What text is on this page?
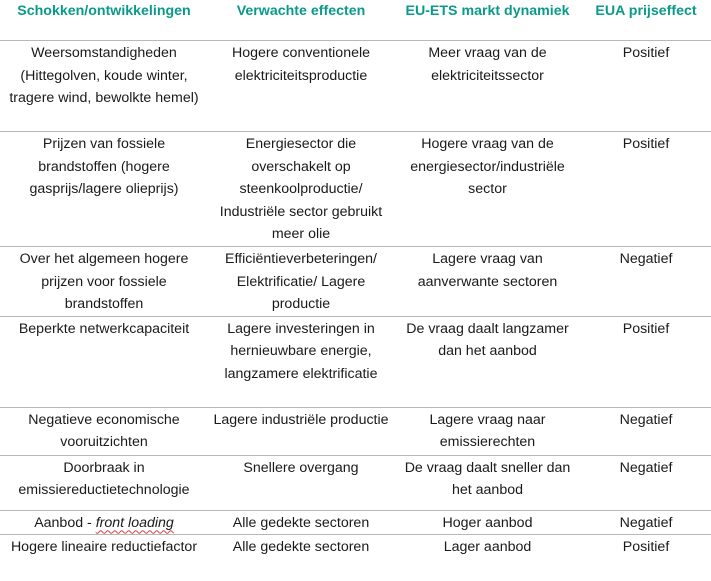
Schokken/ontwikkelingen	Verwachte effecten	EU-ETS markt dynamiek	EUA prijseffect
Weersomstandigheden (Hittegolven, koude winter, tragere wind, bewolkte hemel)	Hogere conventionele elektriciteitsproductie	Meer vraag van de elektriciteitssector	Positief
Prijzen van fossiele brandstoffen (hogere gasprijs/lagere olieprijs)	Energiesector die overschakelt op steenkoolproductie/ Industriële sector gebruikt meer olie	Hogere vraag van de energiesector/industriële sector	Positief
Over het algemeen hogere prijzen voor fossiele brandstoffen	Efficiëntieverbeteringen/ Elektrificatie/ Lagere productie	Lagere vraag van aanverwante sectoren	Negatief
Beperkte netwerkcapaciteit	Lagere investeringen in hernieuwbare energie, langzamere elektrificatie	De vraag daalt langzamer dan het aanbod	Positief
Negatieve economische vooruitzichten	Lagere industriële productie	Lagere vraag naar emissierechten	Negatief
Doorbraak in emissiereductietechnologie	Snellere overgang	De vraag daalt sneller dan het aanbod	Negatief
Aanbod - front loading	Alle gedekte sectoren	Hoger aanbod	Negatief
Hogere lineaire reductiefactor	Alle gedekte sectoren	Lager aanbod	Positief
